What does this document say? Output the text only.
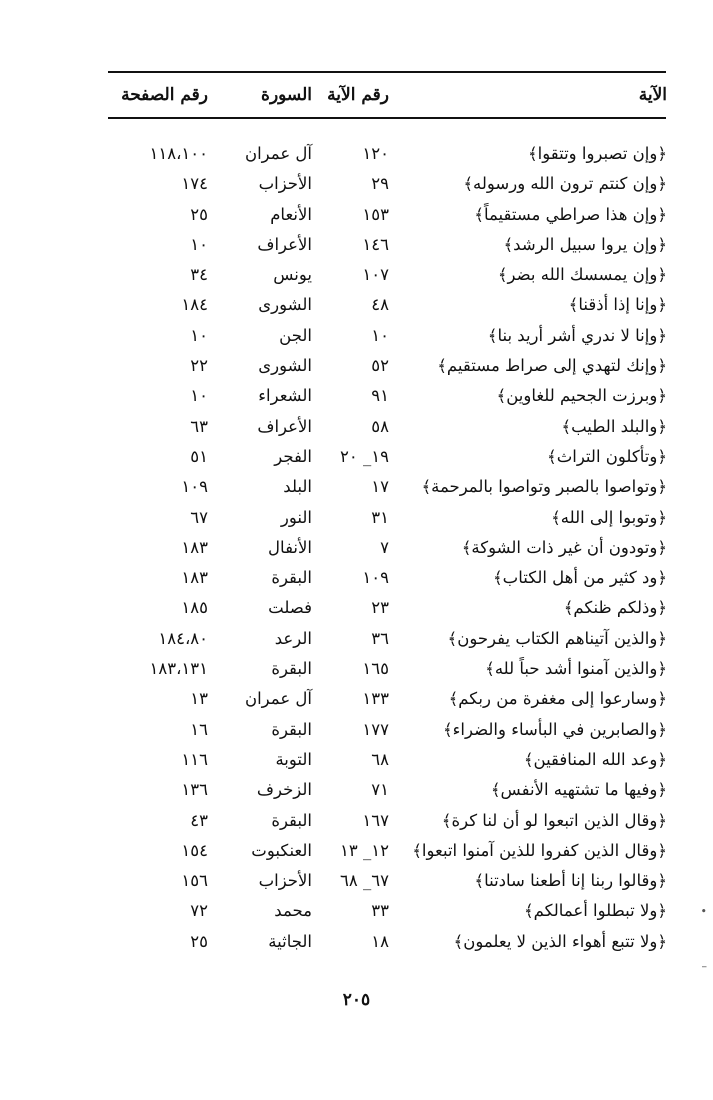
الآية
رقم الآية
السورة
رقم الصفحة
﴿وإن تصبروا وتتقوا﴾
١٢٠
آل عمران
١١٨،١٠٠
﴿وإن كنتم ترون الله ورسوله﴾
٢٩
الأحزاب
١٧٤
﴿وإن هذا صراطي مستقيماً﴾
١٥٣
الأنعام
٢٥
﴿وإن يروا سبيل الرشد﴾
١٤٦
الأعراف
١٠
﴿وإن يمسسك الله بضر﴾
١٠٧
يونس
٣٤
﴿وإنا إذا أذقنا﴾
٤٨
الشورى
١٨٤
﴿وإنا لا ندري أشر أريد بنا﴾
١٠
الجن
١٠
﴿وإنك لتهدي إلى صراط مستقيم﴾
٥٢
الشورى
٢٢
﴿وبرزت الجحيم للغاوين﴾
٩١
الشعراء
١٠
﴿والبلد الطيب﴾
٥٨
الأعراف
٦٣
﴿وتأكلون التراث﴾
١٩_ ٢٠
الفجر
٥١
﴿وتواصوا بالصبر وتواصوا بالمرحمة﴾
١٧
البلد
١٠٩
﴿وتوبوا إلى الله﴾
٣١
النور
٦٧
﴿وتودون أن غير ذات الشوكة﴾
٧
الأنفال
١٨٣
﴿ود كثير من أهل الكتاب﴾
١٠٩
البقرة
١٨٣
﴿وذلكم ظنكم﴾
٢٣
فصلت
١٨٥
﴿والذين آتيناهم الكتاب يفرحون﴾
٣٦
الرعد
١٨٤،٨٠
﴿والذين آمنوا أشد حباً لله﴾
١٦٥
البقرة
١٨٣،١٣١
﴿وسارعوا إلى مغفرة من ربكم﴾
١٣٣
آل عمران
١٣
﴿والصابرين في البأساء والضراء﴾
١٧٧
البقرة
١٦
﴿وعد الله المنافقين﴾
٦٨
التوبة
١١٦
﴿وفيها ما تشتهيه الأنفس﴾
٧١
الزخرف
١٣٦
﴿وقال الذين اتبعوا لو أن لنا كرة﴾
١٦٧
البقرة
٤٣
﴿وقال الذين كفروا للذين آمنوا اتبعوا﴾
١٢_ ١٣
العنكبوت
١٥٤
﴿وقالوا ربنا إنا أطعنا سادتنا﴾
٦٧_ ٦٨
الأحزاب
١٥٦
﴿ولا تبطلوا أعمالكم﴾
٣٣
محمد
٧٢
﴿ولا تتبع أهواء الذين لا يعلمون﴾
١٨
الجاثية
٢٥
٢٠٥
•
–
